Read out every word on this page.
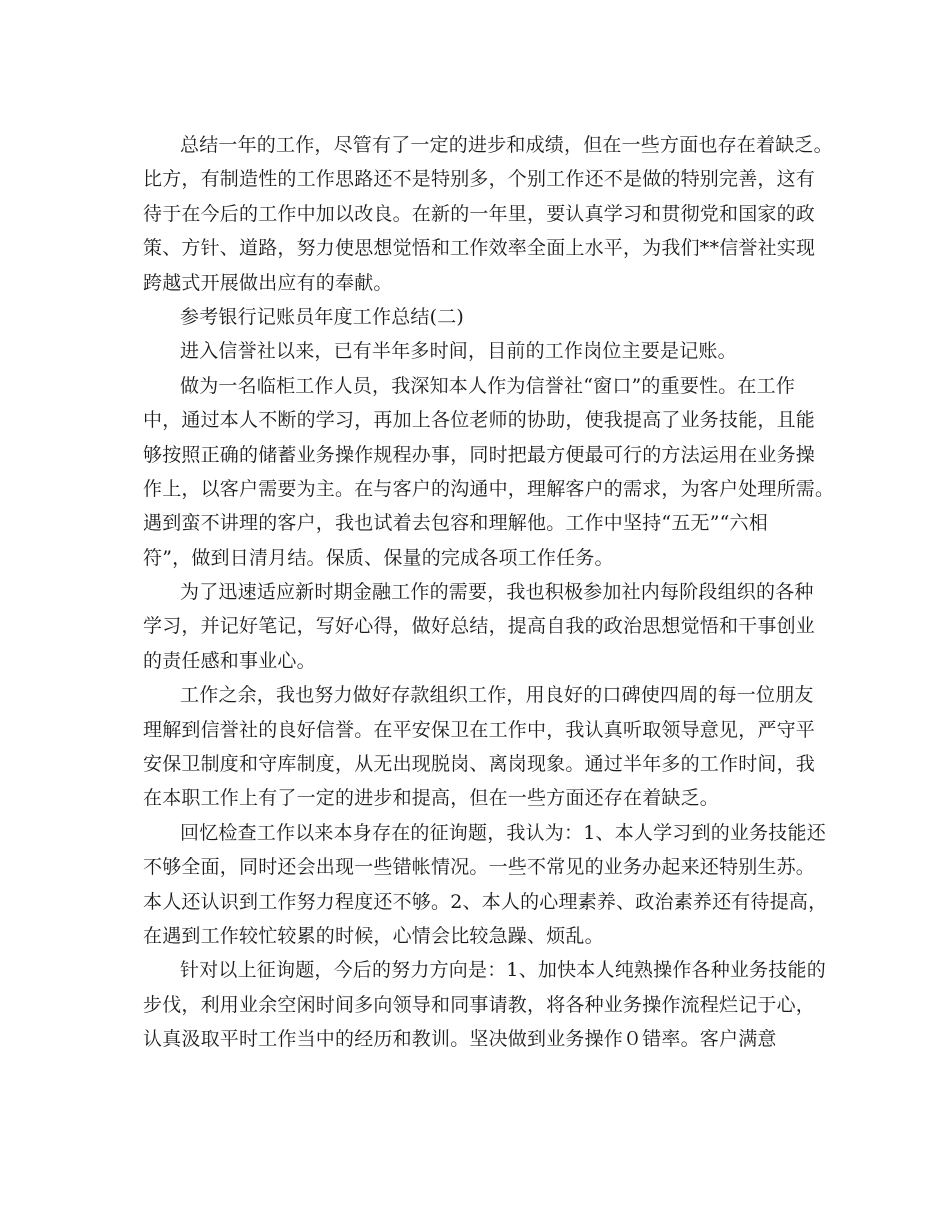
总结一年的工作，尽管有了一定的进步和成绩，但在一些方面也存在着缺乏。
比方，有制造性的工作思路还不是特别多，个别工作还不是做的特别完善，这有
待于在今后的工作中加以改良。在新的一年里，要认真学习和贯彻党和国家的政
策、方针、道路，努力使思想觉悟和工作效率全面上水平，为我们**信誉社实现
跨越式开展做出应有的奉献。
参考银行记账员年度工作总结(二)
进入信誉社以来，已有半年多时间，目前的工作岗位主要是记账。
做为一名临柜工作人员，我深知本人作为信誉社“窗口”的重要性。在工作
中，通过本人不断的学习，再加上各位老师的协助，使我提高了业务技能，且能
够按照正确的储蓄业务操作规程办事，同时把最方便最可行的方法运用在业务操
作上，以客户需要为主。在与客户的沟通中，理解客户的需求，为客户处理所需。
遇到蛮不讲理的客户，我也试着去包容和理解他。工作中坚持“五无”“六相
符”，做到日清月结。保质、保量的完成各项工作任务。
为了迅速适应新时期金融工作的需要，我也积极参加社内每阶段组织的各种
学习，并记好笔记，写好心得，做好总结，提高自我的政治思想觉悟和干事创业
的责任感和事业心。
工作之余，我也努力做好存款组织工作，用良好的口碑使四周的每一位朋友
理解到信誉社的良好信誉。在平安保卫在工作中，我认真听取领导意见，严守平
安保卫制度和守库制度，从无出现脱岗、离岗现象。通过半年多的工作时间，我
在本职工作上有了一定的进步和提高，但在一些方面还存在着缺乏。
回忆检查工作以来本身存在的征询题，我认为：1、本人学习到的业务技能还
不够全面，同时还会出现一些错帐情况。一些不常见的业务办起来还特别生苏。
本人还认识到工作努力程度还不够。2、本人的心理素养、政治素养还有待提高，
在遇到工作较忙较累的时候，心情会比较急躁、烦乱。
针对以上征询题，今后的努力方向是：1、加快本人纯熟操作各种业务技能的
步伐，利用业余空闲时间多向领导和同事请教，将各种业务操作流程烂记于心，
认真汲取平时工作当中的经历和教训。坚决做到业务操作０错率。客户满意
